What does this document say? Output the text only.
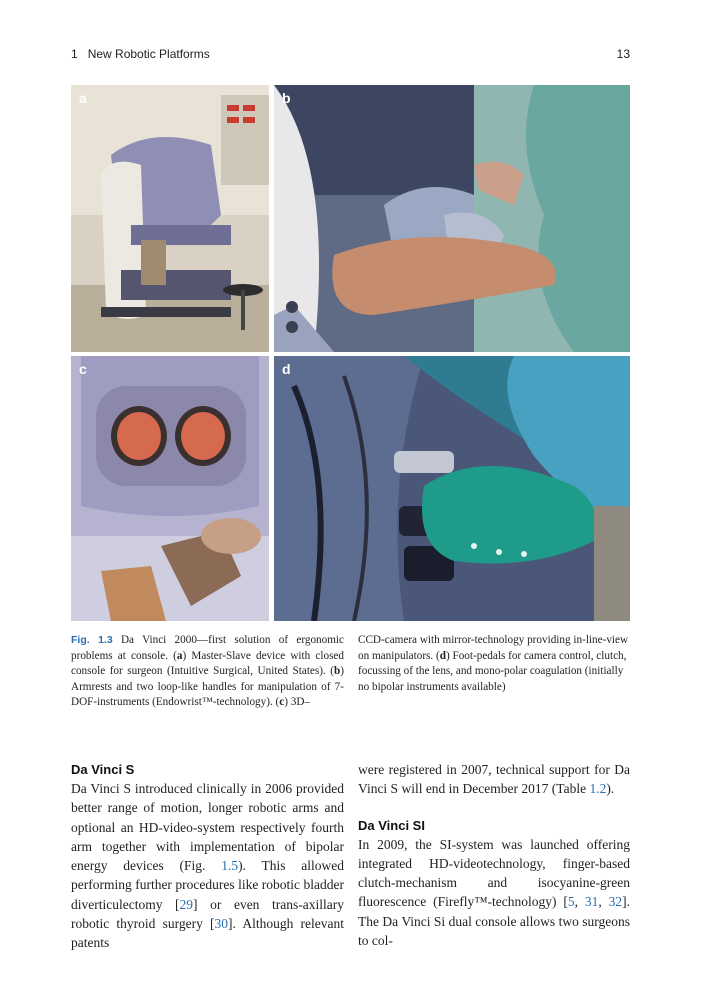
1 New Robotic Platforms	13
a	b
c	d
Fig. 1.3 Da Vinci 2000—first solution of ergonomic problems at console. (a) Master-Slave device with closed console for surgeon (Intuitive Surgical, United States). (b) Armrests and two loop-like handles for manipulation of 7-DOF-instruments (Endowrist™-technology). (c) 3D–
CCD-camera with mirror-technology providing in-line-view on manipulators. (d) Foot-pedals for camera control, clutch, focussing of the lens, and mono-polar coagulation (initially no bipolar instruments available)
Da Vinci S

Da Vinci S introduced clinically in 2006 provided better range of motion, longer robotic arms and optional an HD-video-system respectively fourth arm together with implementation of bipolar energy devices (Fig. 1.5). This allowed performing further procedures like robotic bladder diverticulectomy [29] or even trans-axillary robotic thyroid surgery [30]. Although relevant patents

were registered in 2007, technical support for Da Vinci S will end in December 2017 (Table 1.2).

Da Vinci SI

In 2009, the SI-system was launched offering integrated HD-videotechnology, finger-based clutch-mechanism and isocyanine-green fluorescence (Firefly™-technology) [5, 31, 32]. The Da Vinci Si dual console allows two surgeons to col-
